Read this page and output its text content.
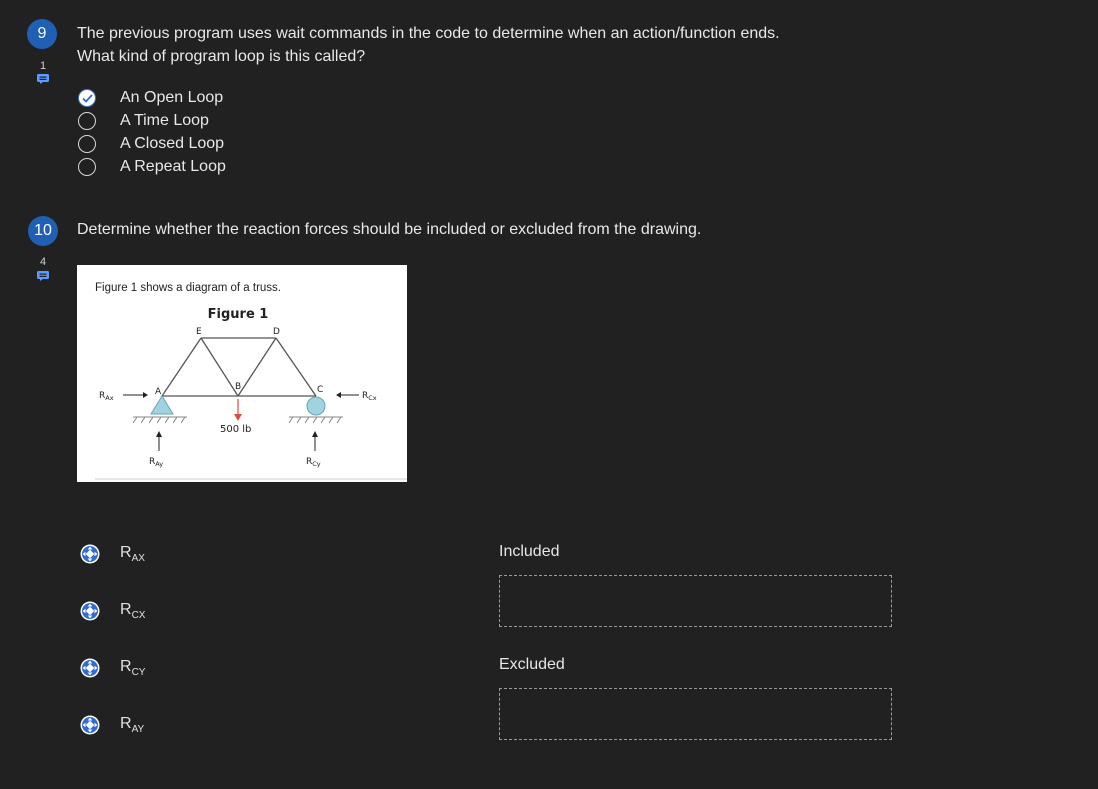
9
1
The previous program uses wait commands in the code to determine when an action/function ends.
What kind of program loop is this called?
An Open Loop
A Time Loop
A Closed Loop
A Repeat Loop
10
4
Determine whether the reaction forces should be included or excluded from the drawing.
Figure 1 shows a diagram of a truss.
Figure 1
A	B	C
D
E
500 lb
$R_{Ax}$	$R_{Cx}$
$R_{Ay}$	$R_{Cy}$
$R_{AX}$
$R_{CX}$
$R_{CY}$
$R_{AY}$
Included
Excluded
